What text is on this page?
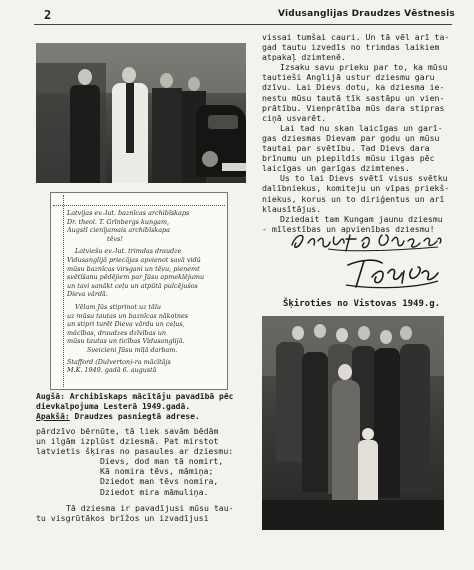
2	Vidusanglijas Draudzes Vēstnesis

Latvijas ev.-lut. baznīcas archibīskaps

Dr. theol. T. Grīnbergs kungam,

Augstī cienījamais archibīskapa

tēvs!

Latviešu ev.-lut. trimdas draudze

Vidusanglijā priecājas apvienot savā vidū

mūsu baznīcas virsgani un tēvu, pieņemt

svētīšanu pēdējiem par Jūsu apmeklējumu

un tavi sanākt ceļu un atpūtā pulcējušos

Dieva vārdā.

Vēlam Jūs stiprinot uz tālu

uz mūsu tautas un baznīcas nākotnes

un stipri turēt Dieva vārdu un ceļus,

mācības, draudzes dzīvības un

mūsu tautas un ticības Vidusanglijā.

Sveicieni Jūsu mīļā darbam.

Stafford (Dulverton)-ra mācītājs

M.K. 1949. gadā 6. augustā

Augšā: Archibīskaps mācītāju pavadībā pēc dievkalpojuma Lesterā 1949.gadā.
Apakšā: Draudzes pasniegtā adrese.
pārdzīvo bērnūte, tā liek savām bēdām
un ilgām izplūst dziesmā. Pat mirstot
latvietis šķiras no pasaules ar dziesmu:
Dievs, dod man tā nomirt,
Kā nomira tēvs, māmiņa;
Dziedot man tēvs nomira,
Dziedot mira māmuliņa.
Tā dziesma ir pavadījusi mūsu tau-
tu visgrūtākos brīžos un izvadījusi
vissai tumšai cauri. Un tā vēl arī ta-
gad tautu izvedīs no trimdas laikiem
atpakaļ dzimtenē.
Izsaku savu prieku par to, ka mūsu
tautieši Anglijā ustur dziesmu garu
dzīvu. Lai Dievs dotu, ka dziesma ie-
nestu mūsu tautā tīk sastāpu un vien-
prātību. Vienprātība mūs dara stipras
ciņā usvarēt.
Lai tad nu skan laicīgas un garī-
gas dziesmas Dievam par godu un mūsu
tautai par svētību. Tad Dievs dara
brīnumu un piepildīs mūsu ilgas pēc
laicīgas un garīgas dzimtenes.
Us to lai Dievs svētī visus svētku
dalībniekus, komiteju un vīpas priekš-
niekus, korus un to diriģentus un arī
klausītājus.
Dziedait tam Kungam jaunu dziesmu
- mīlestības un apvienības dziesmu!
Šķiroties no Vistovas 1949.g.
